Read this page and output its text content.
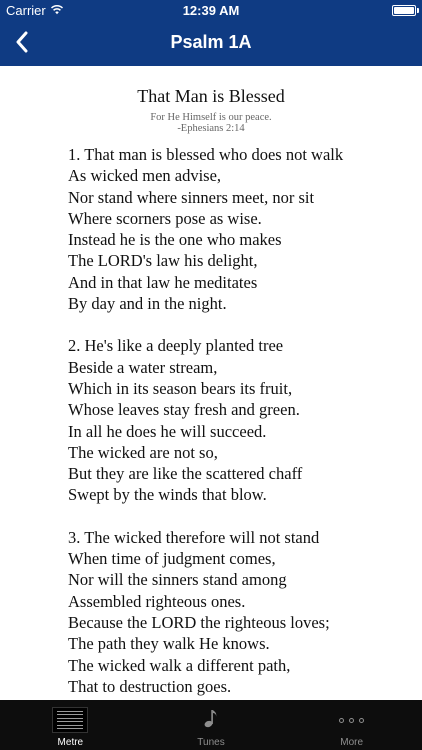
Carrier	12:39 AM
Psalm 1A
That Man is Blessed
For He Himself is our peace.
-Ephesians 2:14
1. That man is blessed who does not walk
As wicked men advise,
Nor stand where sinners meet, nor sit
Where scorners pose as wise.
Instead he is the one who makes
The LORD's law his delight,
And in that law he meditates
By day and in the night.
2. He's like a deeply planted tree
Beside a water stream,
Which in its season bears its fruit,
Whose leaves stay fresh and green.
In all he does he will succeed.
The wicked are not so,
But they are like the scattered chaff
Swept by the winds that blow.
3. The wicked therefore will not stand
When time of judgment comes,
Nor will the sinners stand among
Assembled righteous ones.
Because the LORD the righteous loves;
The path they walk He knows.
The wicked walk a different path,
That to destruction goes.
Metre	Tunes	More
